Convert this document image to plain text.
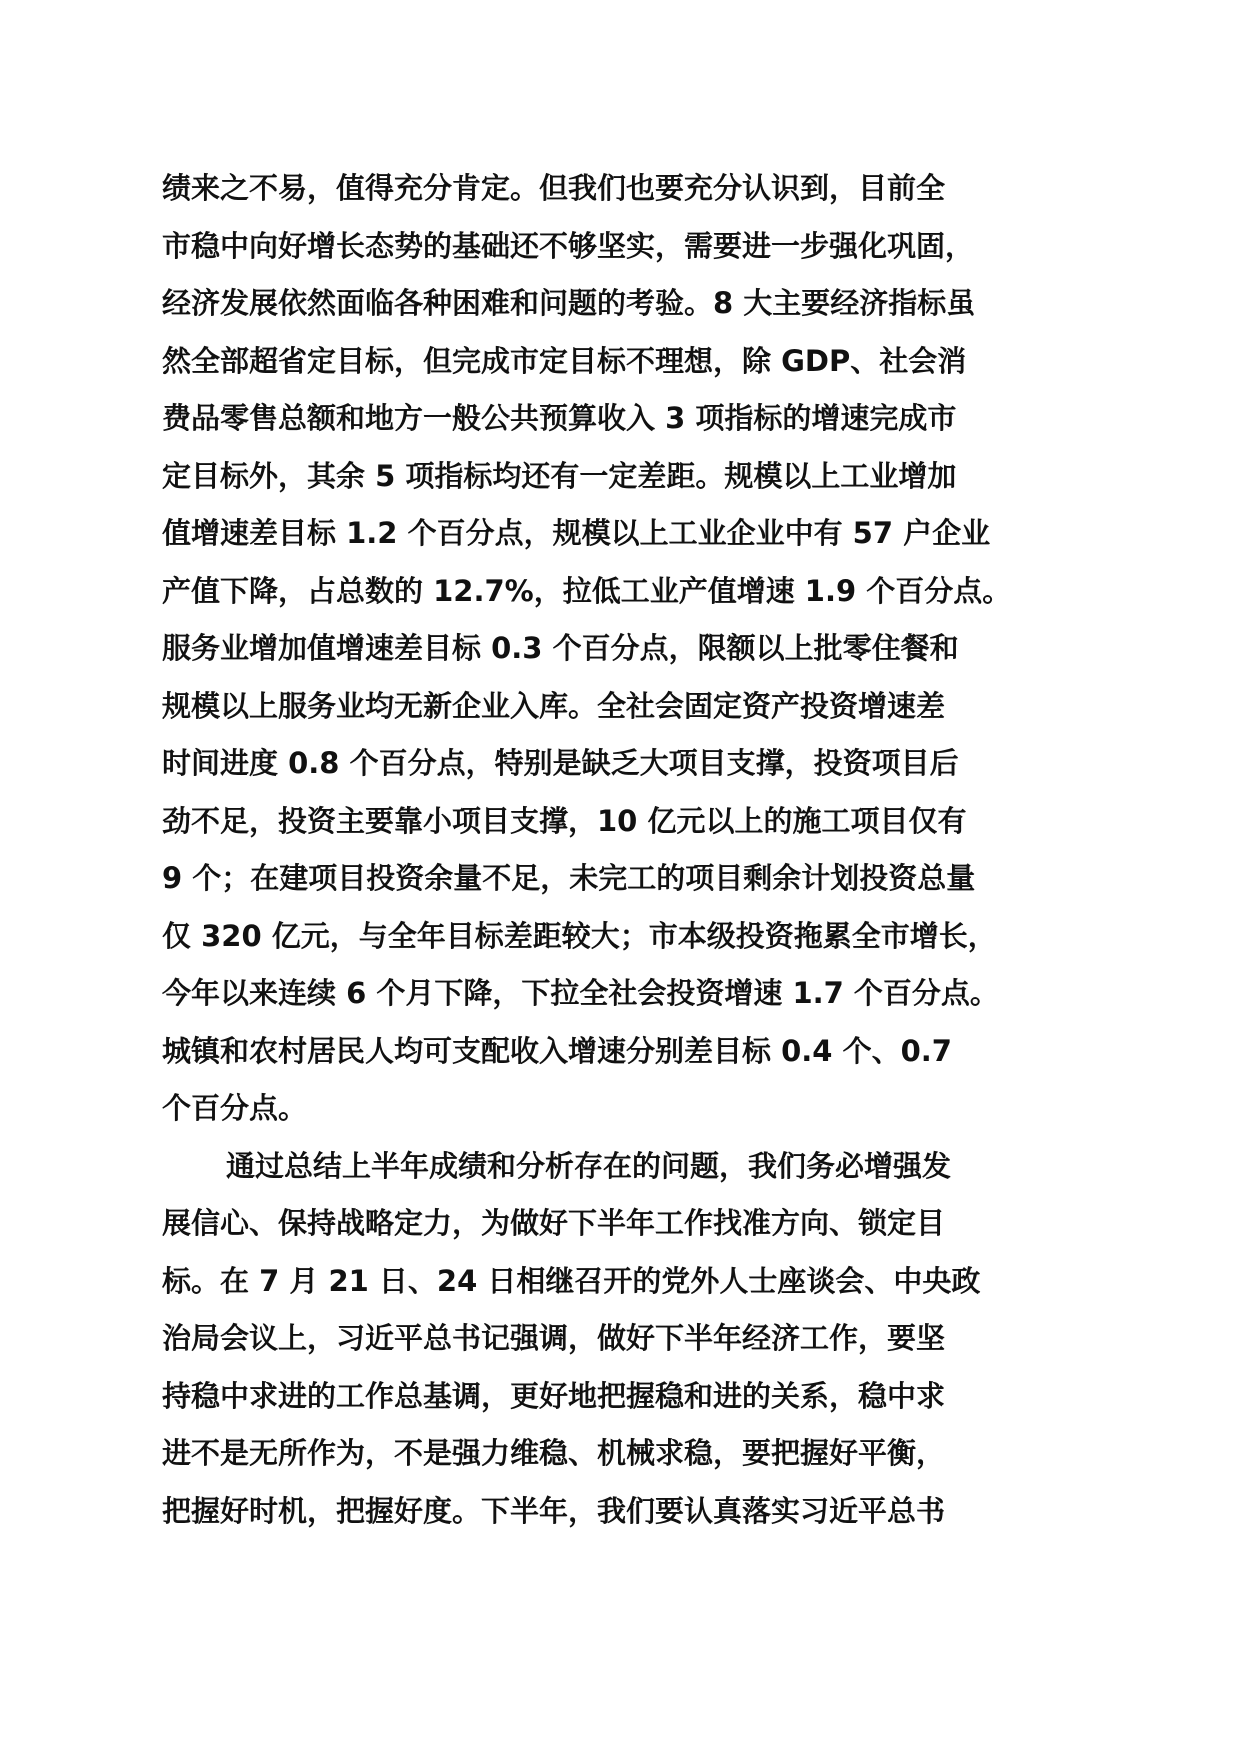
绩来之不易，值得充分肯定。但我们也要充分认识到，目前全
市稳中向好增长态势的基础还不够坚实，需要进一步强化巩固，
经济发展依然面临各种困难和问题的考验。8 大主要经济指标虽
然全部超省定目标，但完成市定目标不理想，除 GDP、社会消
费品零售总额和地方一般公共预算收入 3 项指标的增速完成市
定目标外，其余 5 项指标均还有一定差距。规模以上工业增加
值增速差目标 1.2 个百分点，规模以上工业企业中有 57 户企业
产值下降，占总数的 12.7%，拉低工业产值增速 1.9 个百分点。
服务业增加值增速差目标 0.3 个百分点，限额以上批零住餐和
规模以上服务业均无新企业入库。全社会固定资产投资增速差
时间进度 0.8 个百分点，特别是缺乏大项目支撑，投资项目后
劲不足，投资主要靠小项目支撑，10 亿元以上的施工项目仅有
9 个；在建项目投资余量不足，未完工的项目剩余计划投资总量
仅 320 亿元，与全年目标差距较大；市本级投资拖累全市增长，
今年以来连续 6 个月下降，下拉全社会投资增速 1.7 个百分点。
城镇和农村居民人均可支配收入增速分别差目标 0.4 个、0.7
个百分点。
通过总结上半年成绩和分析存在的问题，我们务必增强发
展信心、保持战略定力，为做好下半年工作找准方向、锁定目
标。在 7 月 21 日、24 日相继召开的党外人士座谈会、中央政
治局会议上，习近平总书记强调，做好下半年经济工作，要坚
持稳中求进的工作总基调，更好地把握稳和进的关系，稳中求
进不是无所作为，不是强力维稳、机械求稳，要把握好平衡，
把握好时机，把握好度。下半年，我们要认真落实习近平总书
